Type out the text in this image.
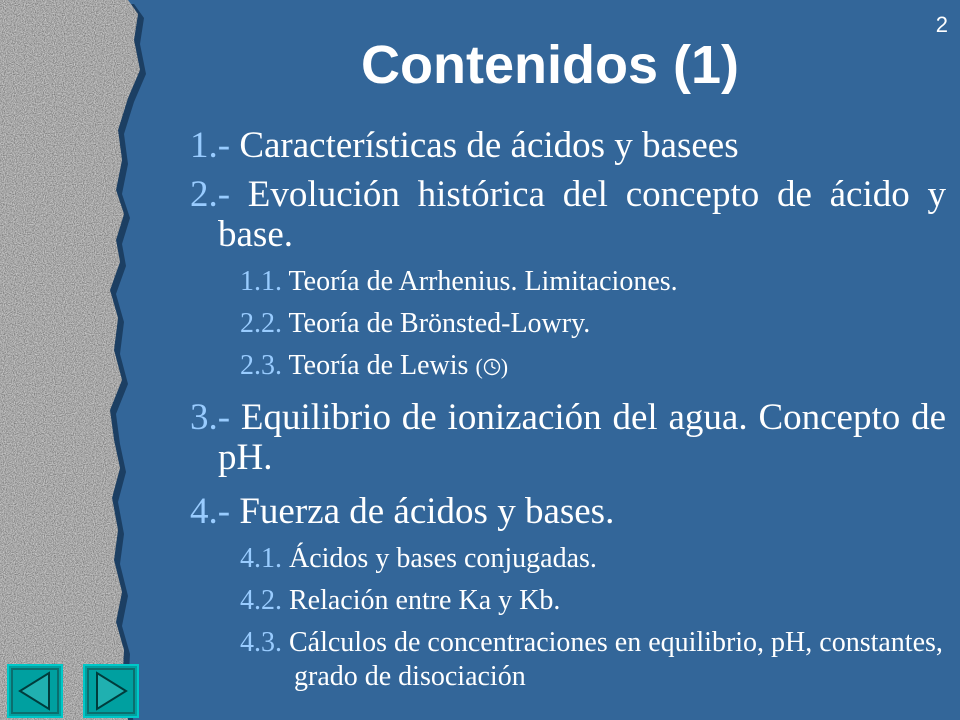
2
Contenidos (1)
1.- Características de ácidos y basees
2.- Evolución histórica del concepto de ácido y base.
1.1. Teoría de Arrhenius. Limitaciones.
2.2. Teoría de Brönsted-Lowry.
2.3. Teoría de Lewis ( )
3.- Equilibrio de ionización del agua. Concepto de pH.
4.- Fuerza de ácidos y bases.
4.1. Ácidos y bases conjugadas.
4.2. Relación entre Ka y Kb.
4.3. Cálculos de concentraciones en equilibrio, pH, constantes, grado de disociación
